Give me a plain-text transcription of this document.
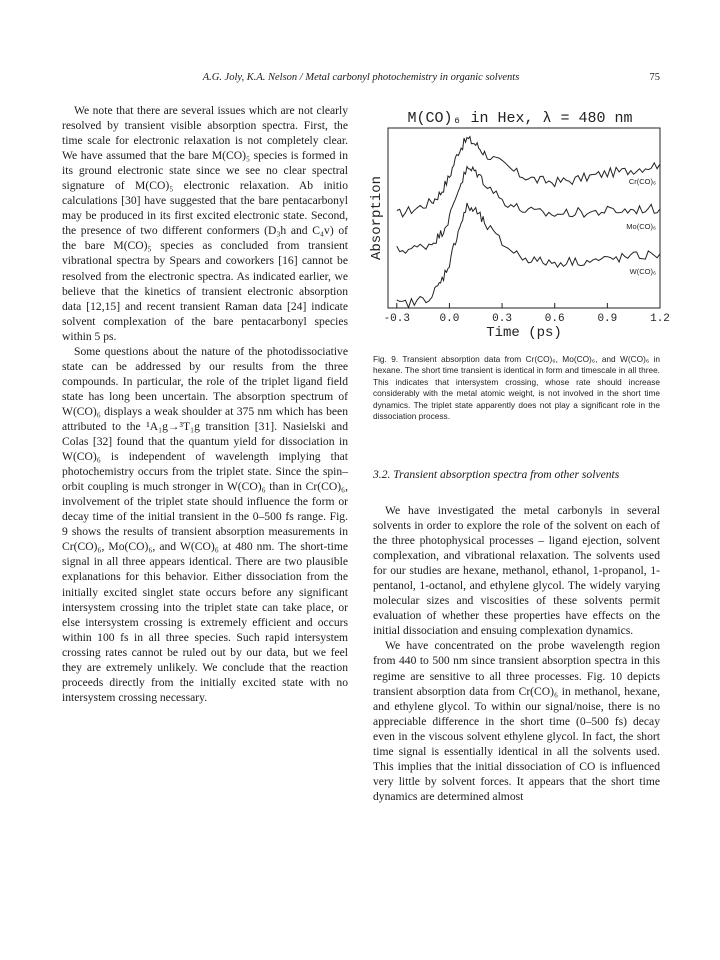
A.G. Joly, K.A. Nelson / Metal carbonyl photochemistry in organic solvents	75

We note that there are several issues which are not clearly resolved by transient visible absorption spectra. First, the time scale for electronic relaxation is not completely clear. We have assumed that the bare M(CO)₅ species is formed in its ground electronic state since we see no clear spectral signature of M(CO)₅ electronic relaxation. Ab initio calculations [30] have suggested that the bare pentacarbonyl may be produced in its first excited electronic state. Second, the presence of two different conformers (D₃h and C₄v) of the bare M(CO)₅ species as concluded from transient vibrational spectra by Spears and coworkers [16] cannot be resolved from the electronic spectra. As indicated earlier, we believe that the kinetics of transient electronic absorption data [12,15] and recent transient Raman data [24] indicate solvent complexation of the bare pentacarbonyl species within 5 ps.

Some questions about the nature of the photodissociative state can be addressed by our results from the three compounds. In particular, the role of the triplet ligand field state has long been uncertain. The absorption spectrum of W(CO)₆ displays a weak shoulder at 375 nm which has been attributed to the ¹A₁g→³T₁g transition [31]. Nasielski and Colas [32] found that the quantum yield for dissociation in W(CO)₆ is independent of wavelength implying that photochemistry occurs from the triplet state. Since the spin–orbit coupling is much stronger in W(CO)₆ than in Cr(CO)₆, involvement of the triplet state should influence the form or decay time of the initial transient in the 0–500 fs range. Fig. 9 shows the results of transient absorption measurements in Cr(CO)₆, Mo(CO)₆, and W(CO)₆ at 480 nm. The short-time signal in all three appears identical. There are two plausible explanations for this behavior. Either dissociation from the initially excited singlet state occurs before any significant intersystem crossing into the triplet state can take place, or else intersystem crossing is extremely efficient and occurs within 100 fs in all three species. Such rapid intersystem crossing rates cannot be ruled out by our data, but we feel they are extremely unlikely. We conclude that the reaction proceeds directly from the initially excited state with no intersystem crossing necessary.

M(CO)₆ in Hex, λ = 480 nm
Absorption
Time (ps)
-0.3	0.0	0.3	0.6	0.9	1.2
Cr(CO)₆
Mo(CO)₆
W(CO)₆
Fig. 9. Transient absorption data from Cr(CO)₆, Mo(CO)₆, and W(CO)₆ in hexane. The short time transient is identical in form and timescale in all three. This indicates that intersystem crossing, whose rate should increase considerably with the metal atomic weight, is not involved in the short time dynamics. The triplet state apparently does not play a significant role in the dissociation process.
3.2. Transient absorption spectra from other solvents

We have investigated the metal carbonyls in several solvents in order to explore the role of the solvent on each of the three photophysical processes – ligand ejection, solvent complexation, and vibrational relaxation. The solvents used for our studies are hexane, methanol, ethanol, 1-propanol, 1-pentanol, 1-octanol, and ethylene glycol. The widely varying molecular sizes and viscosities of these solvents permit evaluation of whether these properties have effects on the initial dissociation and ensuing complexation dynamics.

We have concentrated on the probe wavelength region from 440 to 500 nm since transient absorption spectra in this regime are sensitive to all three processes. Fig. 10 depicts transient absorption data from Cr(CO)₆ in methanol, hexane, and ethylene glycol. To within our signal/noise, there is no appreciable difference in the short time (0–500 fs) decay even in the viscous solvent ethylene glycol. In fact, the short time signal is essentially identical in all the solvents used. This implies that the initial dissociation of CO is influenced very little by solvent forces. It appears that the short time dynamics are determined almost
